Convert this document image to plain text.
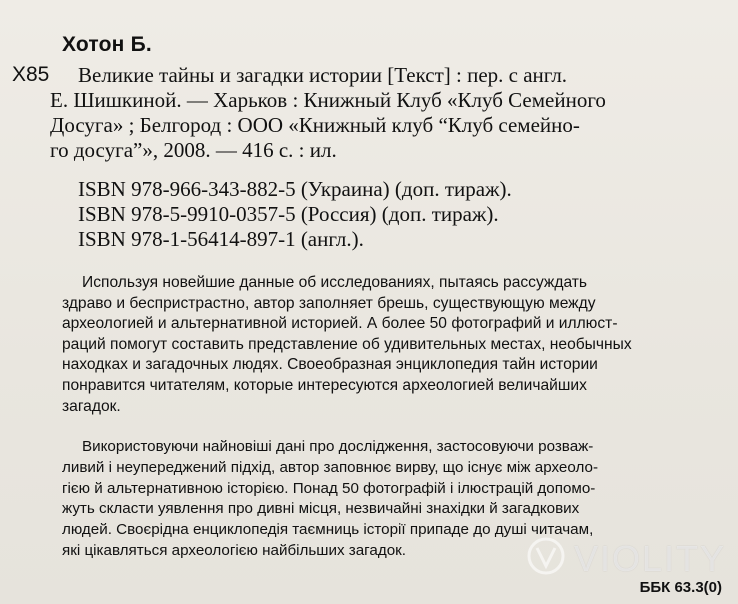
Хотон Б.
Х85	Великие тайны и загадки истории [Текст] : пер. с англ.
Е. Шишкиной. — Харьков : Книжный Клуб «Клуб Семейного
Досуга» ; Белгород : ООО «Книжный клуб “Клуб семейно-
го досуга”», 2008. — 416 с. : ил.
ISBN 978-966-343-882-5 (Украина) (доп. тираж).
ISBN 978-5-9910-0357-5 (Россия) (доп. тираж).
ISBN 978-1-56414-897-1 (англ.).
Используя новейшие данные об исследованиях, пытаясь рассуждать
здраво и беспристрастно, автор заполняет брешь, существующую между
археологией и альтернативной историей. А более 50 фотографий и иллюст-
раций помогут составить представление об удивительных местах, необычных
находках и загадочных людях. Своеобразная энциклопедия тайн истории
понравится читателям, которые интересуются археологией величайших
загадок.
Використовуючи найновіші дані про дослідження, застосовуючи розваж-
ливий і неупереджений підхід, автор заповнює вирву, що існує між археоло-
гією й альтернативною історією. Понад 50 фотографій і ілюстрацій допомо-
жуть скласти уявлення про дивні місця, незвичайні знахідки й загадкових
людей. Своєрідна енциклопедія таємниць історії припаде до душі читачам,
які цікавляться археологією найбільших загадок.	VIOLITY
ББК 63.3(0)
